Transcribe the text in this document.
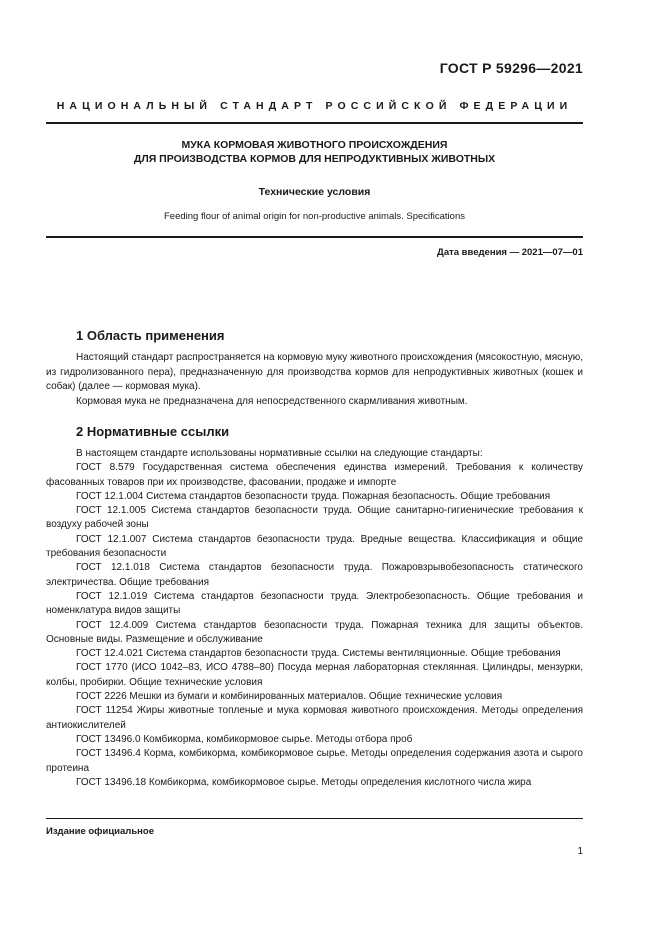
ГОСТ Р 59296—2021
НАЦИОНАЛЬНЫЙ СТАНДАРТ РОССИЙСКОЙ ФЕДЕРАЦИИ
МУКА КОРМОВАЯ ЖИВОТНОГО ПРОИСХОЖДЕНИЯ
ДЛЯ ПРОИЗВОДСТВА КОРМОВ ДЛЯ НЕПРОДУКТИВНЫХ ЖИВОТНЫХ
Технические условия
Feeding flour of animal origin for non-productive animals. Specifications
Дата введения — 2021—07—01
1 Область применения

Настоящий стандарт распространяется на кормовую муку животного происхождения (мясокостную, мясную, из гидролизованного пера), предназначенную для производства кормов для непродуктивных животных (кошек и собак) (далее — кормовая мука).

Кормовая мука не предназначена для непосредственного скармливания животным.

2 Нормативные ссылки

В настоящем стандарте использованы нормативные ссылки на следующие стандарты:

ГОСТ 8.579 Государственная система обеспечения единства измерений. Требования к количеству фасованных товаров при их производстве, фасовании, продаже и импорте

ГОСТ 12.1.004 Система стандартов безопасности труда. Пожарная безопасность. Общие требования

ГОСТ 12.1.005 Система стандартов безопасности труда. Общие санитарно-гигиенические требования к воздуху рабочей зоны

ГОСТ 12.1.007 Система стандартов безопасности труда. Вредные вещества. Классификация и общие требования безопасности

ГОСТ 12.1.018 Система стандартов безопасности труда. Пожаровзрывобезопасность статического электричества. Общие требования

ГОСТ 12.1.019 Система стандартов безопасности труда. Электробезопасность. Общие требования и номенклатура видов защиты

ГОСТ 12.4.009 Система стандартов безопасности труда. Пожарная техника для защиты объектов. Основные виды. Размещение и обслуживание

ГОСТ 12.4.021 Система стандартов безопасности труда. Системы вентиляционные. Общие требования

ГОСТ 1770 (ИСО 1042–83, ИСО 4788–80) Посуда мерная лабораторная стеклянная. Цилиндры, мензурки, колбы, пробирки. Общие технические условия

ГОСТ 2226 Мешки из бумаги и комбинированных материалов. Общие технические условия

ГОСТ 11254 Жиры животные топленые и мука кормовая животного происхождения. Методы определения антиокислителей

ГОСТ 13496.0 Комбикорма, комбикормовое сырье. Методы отбора проб

ГОСТ 13496.4 Корма, комбикорма, комбикормовое сырье. Методы определения содержания азота и сырого протеина

ГОСТ 13496.18 Комбикорма, комбикормовое сырье. Методы определения кислотного числа жира

Издание официальное
1
